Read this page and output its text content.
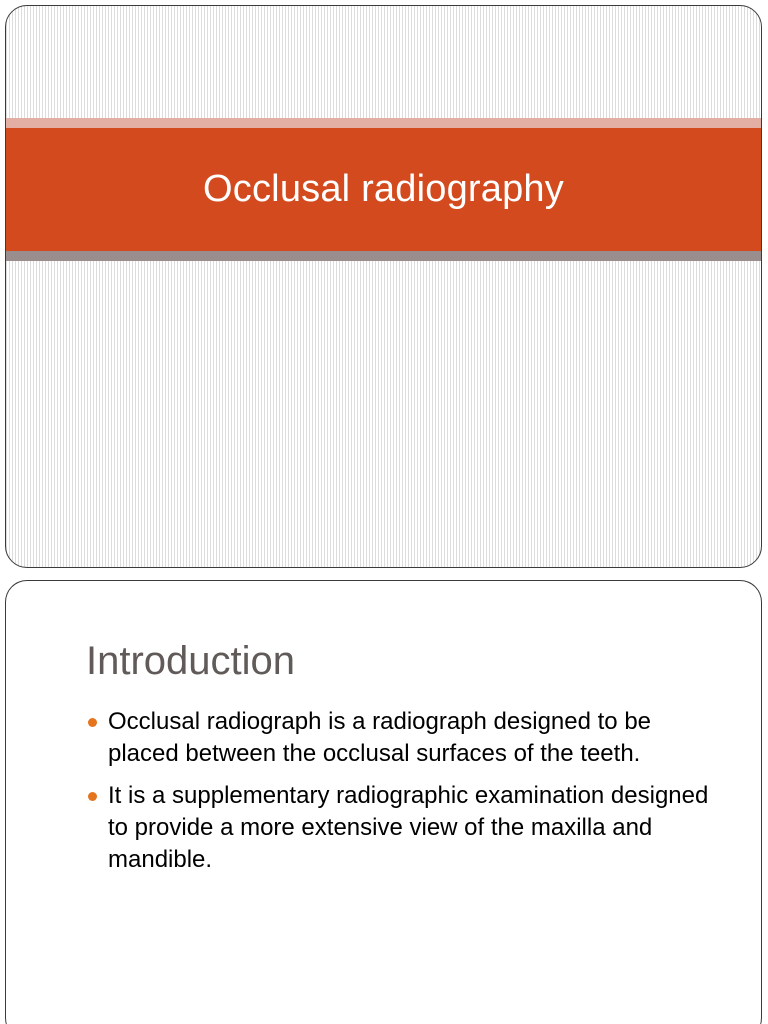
Occlusal radiography
Introduction
Occlusal radiograph is a radiograph designed to be placed between the occlusal surfaces of the teeth.
It is a supplementary radiographic examination designed to provide a more extensive view of the maxilla and mandible.
